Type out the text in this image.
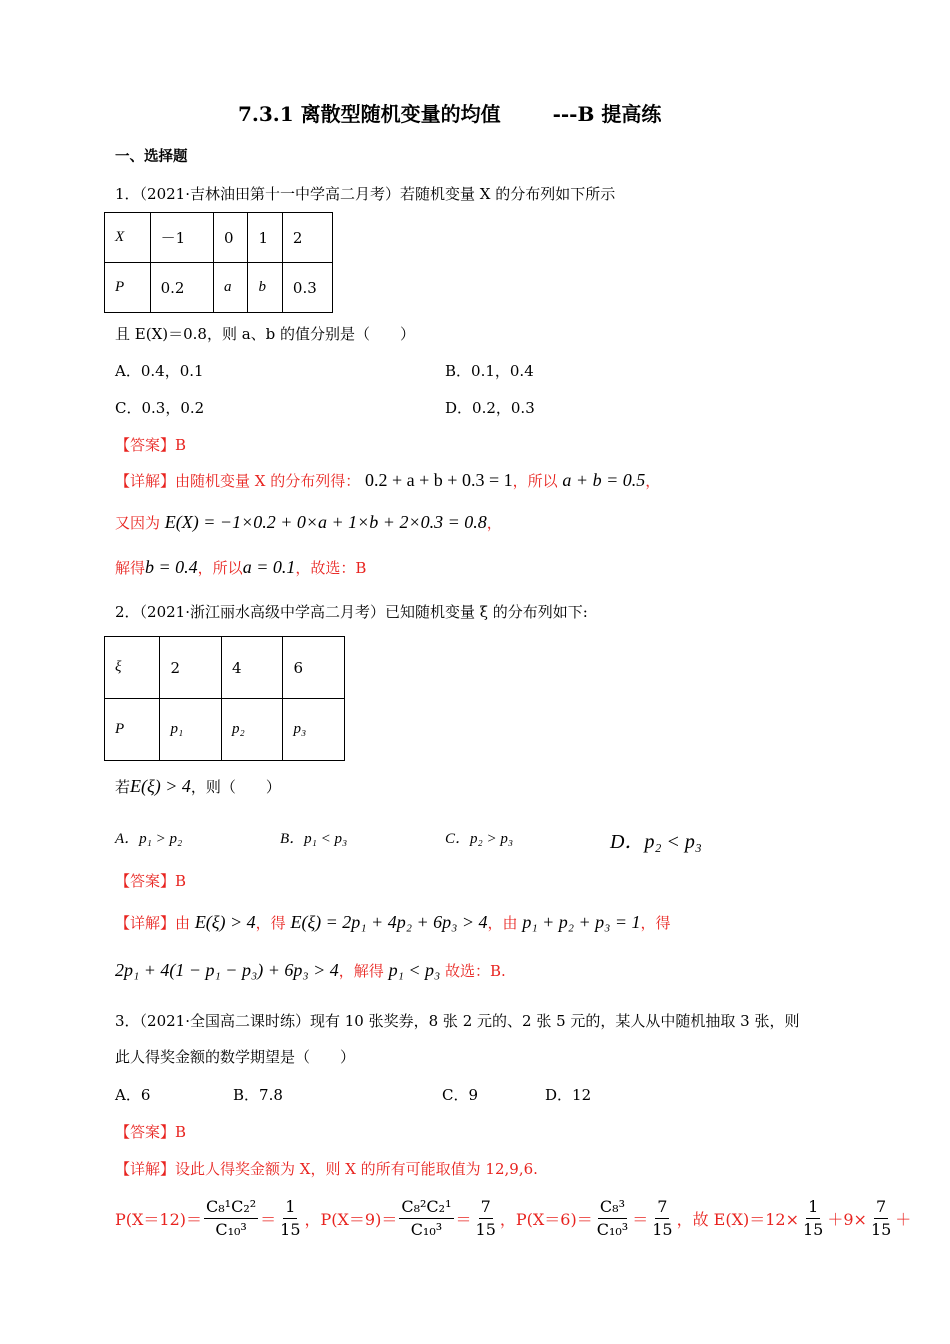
7.3.1 离散型随机变量的均值	---B 提高练
一、选择题
1．（2021·吉林油田第十一中学高二月考）若随机变量 X 的分布列如下所示
X	－1	0	1	2
P	0.2	a	b	0.3
且 E(X)＝0.8，则 a、b 的值分别是（　　）
A．0.4，0.1	B．0.1，0.4
C．0.3，0.2	D．0.2，0.3
【答案】B
【详解】由随机变量 X 的分布列得： 0.2 + a + b + 0.3 = 1，所以 a + b = 0.5，
又因为 E(X) = −1×0.2 + 0×a + 1×b + 2×0.3 = 0.8，
解得b = 0.4，所以a = 0.1，故选：B
2．（2021·浙江丽水高级中学高二月考）已知随机变量 ξ 的分布列如下:
ξ	2	4	6
P	p₁	p₂	p₃
若E(ξ) > 4，则（　　）
A．p₁ > p₂	B．p₁ < p₃	C．p₂ > p₃	D．p₂ < p₃
【答案】B
【详解】由 E(ξ) > 4，得 E(ξ) = 2p₁ + 4p₂ + 6p₃ > 4，由 p₁ + p₂ + p₃ = 1，得
2p₁ + 4(1 − p₁ − p₃) + 6p₃ > 4，解得 p₁ < p₃ 故选：B.
3．（2021·全国高二课时练）现有 10 张奖券，8 张 2 元的、2 张 5 元的，某人从中随机抽取 3 张，则
此人得奖金额的数学期望是（　　）
A．6	B．7.8	C．9	D．12
【答案】B
【详解】设此人得奖金额为 X，则 X 的所有可能取值为 12,9,6.
$P(X=12)= \frac{\text{C₈¹C₂²}}{\text{C₁₀³}} = \frac{1}{15}$ ，$P(X=9)= \frac{\text{C₈²C₂¹}}{\text{C₁₀³}} = \frac{7}{15}$ ，$P(X=6)= \frac{\text{C₈³}}{\text{C₁₀³}} = \frac{7}{15}$ ，故 $E(X)=12\times \frac{1}{15} +9\times \frac{7}{15}$ ＋
